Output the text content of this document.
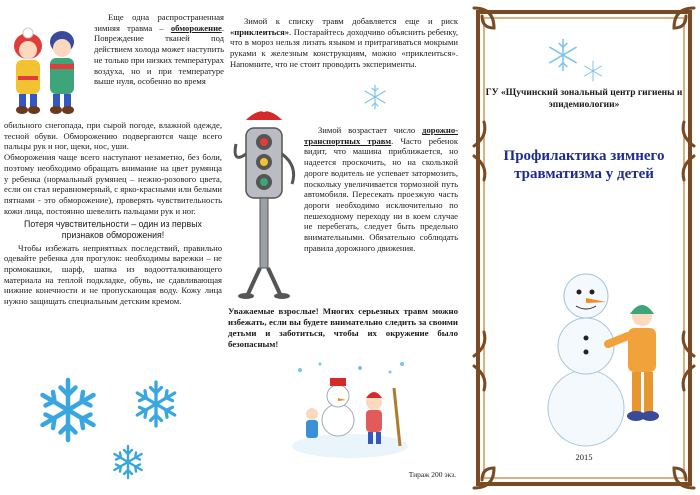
Еще одна распространенная зимняя травма – обморожение. Повреждение тканей под действием холода может наступить не только при низких температурах воздуха, но и при температуре выше нуля, особенно во время

обильного снегопада, при сырой погоде, влажной одежде, тесной обуви. Обморожению подвергаются чаще всего пальцы рук и ног, щеки, нос, уши.

Обморожения чаще всего наступают незаметно, без боли, поэтому необходимо обращать внимание на цвет румянца у ребенка (нормальный румянец – нежно-розового цвета, если он стал неравномерный, с ярко-красными или белыми пятнами - это обморожение), проверять чувствительность кожи лица, постоянно шевелить пальцами рук и ног.

Потеря чувствительности – один из первых признаков обморожения!

Чтобы избежать неприятных последствий, правильно одевайте ребенка для прогулок: необходимы варежки – не промокашки, шарф, шапка из водоотталкивающего материала на теплой подкладке, обувь, не сдавливающая нижние конечности и не пропускающая воду. Кожу лица нужно защищать специальным детским кремом.

Зимой к списку травм добавляется еще и риск «приклеиться». Постарайтесь доходчиво объяснить ребенку, что в мороз нельзя лизать языком и притрагиваться мокрыми руками к железным конструкциям, можно «приклеиться». Напомните, что не стоит проводить эксперименты.

Зимой возрастает число дорожно-транспортных травм. Часто ребенок видит, что машина приближается, но надеется проскочить, но на скользкой дороге водитель не успевает затормозить, поскольку увеличивается тормозной путь автомобиля. Пересекать проезжую часть дороги необходимо исключительно по пешеходному переходу ни в коем случае не перебегать, следует быть предельно внимательными. Обязательно соблюдать правила дорожного движения.

Уважаемые взрослые! Многих серьезных травм можно избежать, если вы будете внимательно следить за своими детьми и заботиться, чтобы их окружение было безопасным!

Тираж 200 экз.
ГУ «Щучинский зональный центр гигиены и эпидемиологии»
Профилактика зимнего травматизма у детей
2015
